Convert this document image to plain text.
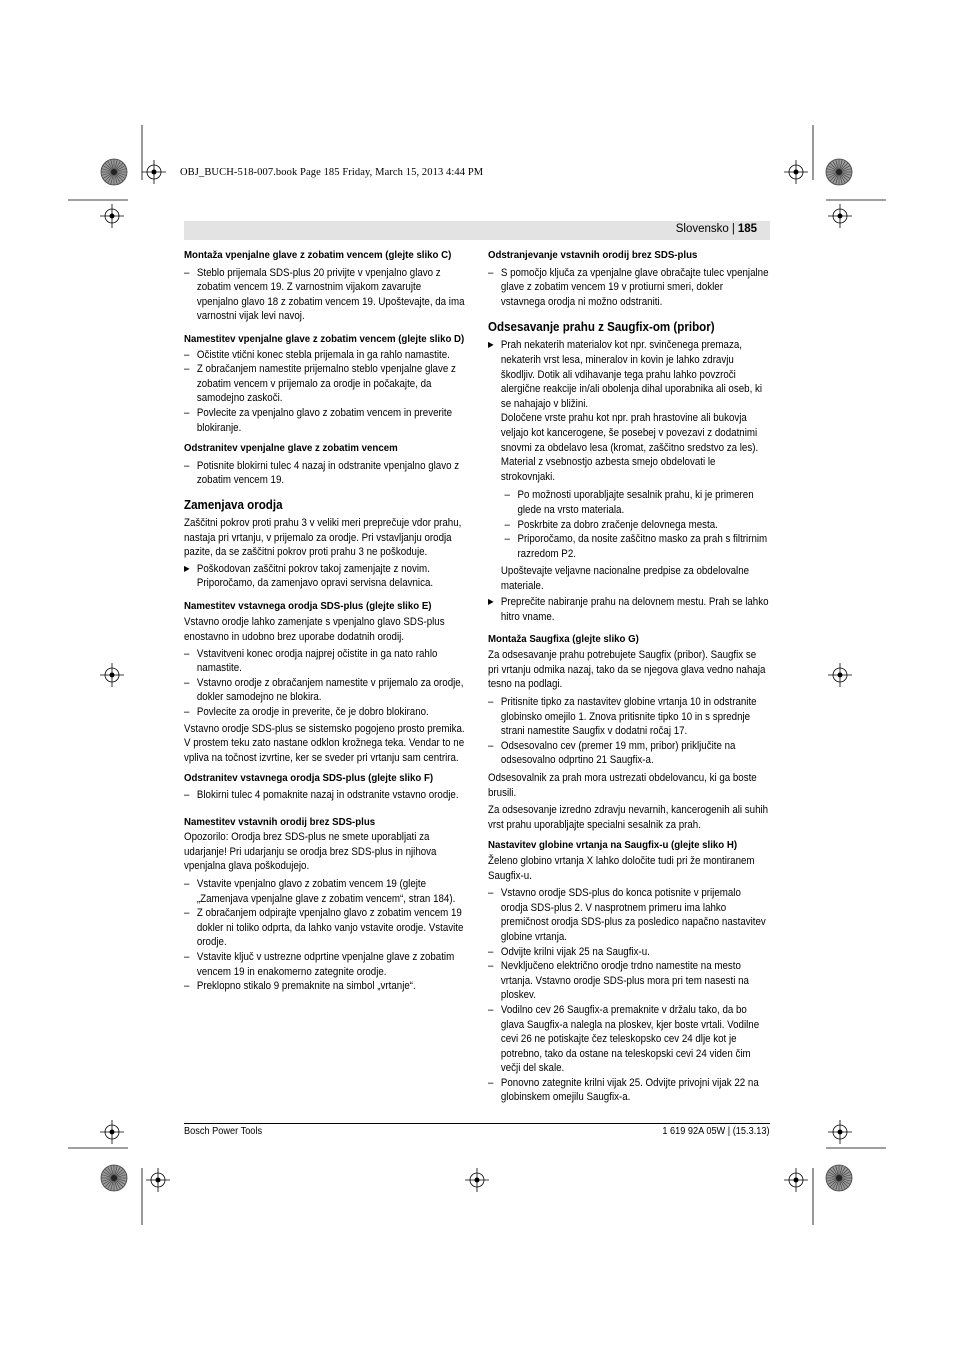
OBJ_BUCH-518-007.book Page 185 Friday, March 15, 2013 4:44 PM
Slovensko | 185
Montaža vpenjalne glave z zobatim vencem (glejte sliko C)
– Steblo prijemala SDS-plus 20 privijte v vpenjalno glavo z zobatim vencem 19. Z varnostnim vijakom zavarujte vpenjalno glavo 18 z zobatim vencem 19. Upoštevajte, da ima varnostni vijak levi navoj.
Namestitev vpenjalne glave z zobatim vencem (glejte sliko D)
– Očistite vtični konec stebla prijemala in ga rahlo namastite.
– Z obračanjem namestite prijemalno steblo vpenjalne glave z zobatim vencem v prijemalo za orodje in počakajte, da samodejno zaskoči.
– Povlecite za vpenjalno glavo z zobatim vencem in preverite blokiranje.
Odstranitev vpenjalne glave z zobatim vencem
– Potisnite blokirni tulec 4 nazaj in odstranite vpenjalno glavo z zobatim vencem 19.
Zamenjava orodja
Zaščitni pokrov proti prahu 3 v veliki meri preprečuje vdor prahu, nastaja pri vrtanju, v prijemalo za orodje. Pri vstavljanju orodja pazite, da se zaščitni pokrov proti prahu 3 ne poškoduje.
▶ Poškodovan zaščitni pokrov takoj zamenjajte z novim. Priporočamo, da zamenjavo opravi servisna delavnica.
Namestitev vstavnega orodja SDS-plus (glejte sliko E)
Vstavno orodje lahko zamenjate s vpenjalno glavo SDS-plus enostavno in udobno brez uporabe dodatnih orodij.
– Vstavitveni konec orodja najprej očistite in ga nato rahlo namastite.
– Vstavno orodje z obračanjem namestite v prijemalo za orodje, dokler samodejno ne blokira.
– Povlecite za orodje in preverite, če je dobro blokirano.
Vstavno orodje SDS-plus se sistemsko pogojeno prosto premika. V prostem teku zato nastane odklon krožnega teka. Vendar to ne vpliva na točnost izvrtine, ker se sveder pri vrtanju sam centrira.
Odstranitev vstavnega orodja SDS-plus (glejte sliko F)
– Blokirni tulec 4 pomaknite nazaj in odstranite vstavno orodje.
Namestitev vstavnih orodij brez SDS-plus
Opozorilo: Orodja brez SDS-plus ne smete uporabljati za udarjanje! Pri udarjanju se orodja brez SDS-plus in njihova vpenjalna glava poškodujejo.
– Vstavite vpenjalno glavo z zobatim vencem 19 (glejte „Zamenjava vpenjalne glave z zobatim vencem“, stran 184).
– Z obračanjem odpirajte vpenjalno glavo z zobatim vencem 19 dokler ni toliko odprta, da lahko vanjo vstavite orodje. Vstavite orodje.
– Vstavite ključ v ustrezne odprtine vpenjalne glave z zobatim vencem 19 in enakomerno zategnite orodje.
– Preklopno stikalo 9 premaknite na simbol „vrtanje“.
Odstranjevanje vstavnih orodij brez SDS-plus
– S pomočjo ključa za vpenjalne glave obračajte tulec vpenjalne glave z zobatim vencem 19 v protiurni smeri, dokler vstavnega orodja ni možno odstraniti.
Odsesavanje prahu z Saugfix-om (pribor)
▶ Prah nekaterih materialov kot npr. svinčenega premaza, nekaterih vrst lesa, mineralov in kovin je lahko zdravju škodljiv. Dotik ali vdihavanje tega prahu lahko povzroči alergične reakcije in/ali obolenja dihal uporabnika ali oseb, ki se nahajajo v bližini.
Določene vrste prahu kot npr. prah hrastovine ali bukovja veljajo kot kancerogene, še posebej v povezavi z dodatnimi snovmi za obdelavo lesa (kromat, zaščitno sredstvo za les). Material z vsebnostjo azbesta smejo obdelovati le strokovnjaki.
– Po možnosti uporabljajte sesalnik prahu, ki je primeren glede na vrsto materiala.
– Poskrbite za dobro zračenje delovnega mesta.
– Priporočamo, da nosite zaščitno masko za prah s filtrirnim razredom P2.
Upoštevajte veljavne nacionalne predpise za obdelovalne materiale.
▶ Preprečite nabiranje prahu na delovnem mestu. Prah se lahko hitro vname.
Montaža Saugfixa (glejte sliko G)
Za odsesavanje prahu potrebujete Saugfix (pribor). Saugfix se pri vrtanju odmika nazaj, tako da se njegova glava vedno nahaja tesno na podlagi.
– Pritisnite tipko za nastavitev globine vrtanja 10 in odstranite globinsko omejilo 1. Znova pritisnite tipko 10 in s sprednje strani namestite Saugfix v dodatni ročaj 17.
– Odsesovalno cev (premer 19 mm, pribor) priključite na odsesovalno odprtino 21 Saugfix-a.
Odsesovalnik za prah mora ustrezati obdelovancu, ki ga boste brusili.
Za odsesovanje izredno zdravju nevarnih, kancerogenih ali suhih vrst prahu uporabljajte specialni sesalnik za prah.
Nastavitev globine vrtanja na Saugfix-u (glejte sliko H)
Želeno globino vrtanja X lahko določite tudi pri že montiranem Saugfix-u.
– Vstavno orodje SDS-plus do konca potisnite v prijemalo orodja SDS-plus 2. V nasprotnem primeru ima lahko premičnost orodja SDS-plus za posledico napačno nastavitev globine vrtanja.
– Odvijte krilni vijak 25 na Saugfix-u.
– Nevključeno električno orodje trdno namestite na mesto vrtanja. Vstavno orodje SDS-plus mora pri tem nasesti na ploskev.
– Vodilno cev 26 Saugfix-a premaknite v držalu tako, da bo glava Saugfix-a nalegla na ploskev, kjer boste vrtali. Vodilne cevi 26 ne potiskajte čez teleskopsko cev 24 dlje kot je potrebno, tako da ostane na teleskopski cevi 24 viden čim večji del skale.
– Ponovno zategnite krilni vijak 25. Odvijte privojni vijak 22 na globinskem omejilu Saugfix-a.
Bosch Power Tools	1 619 92A 05W | (15.3.13)
